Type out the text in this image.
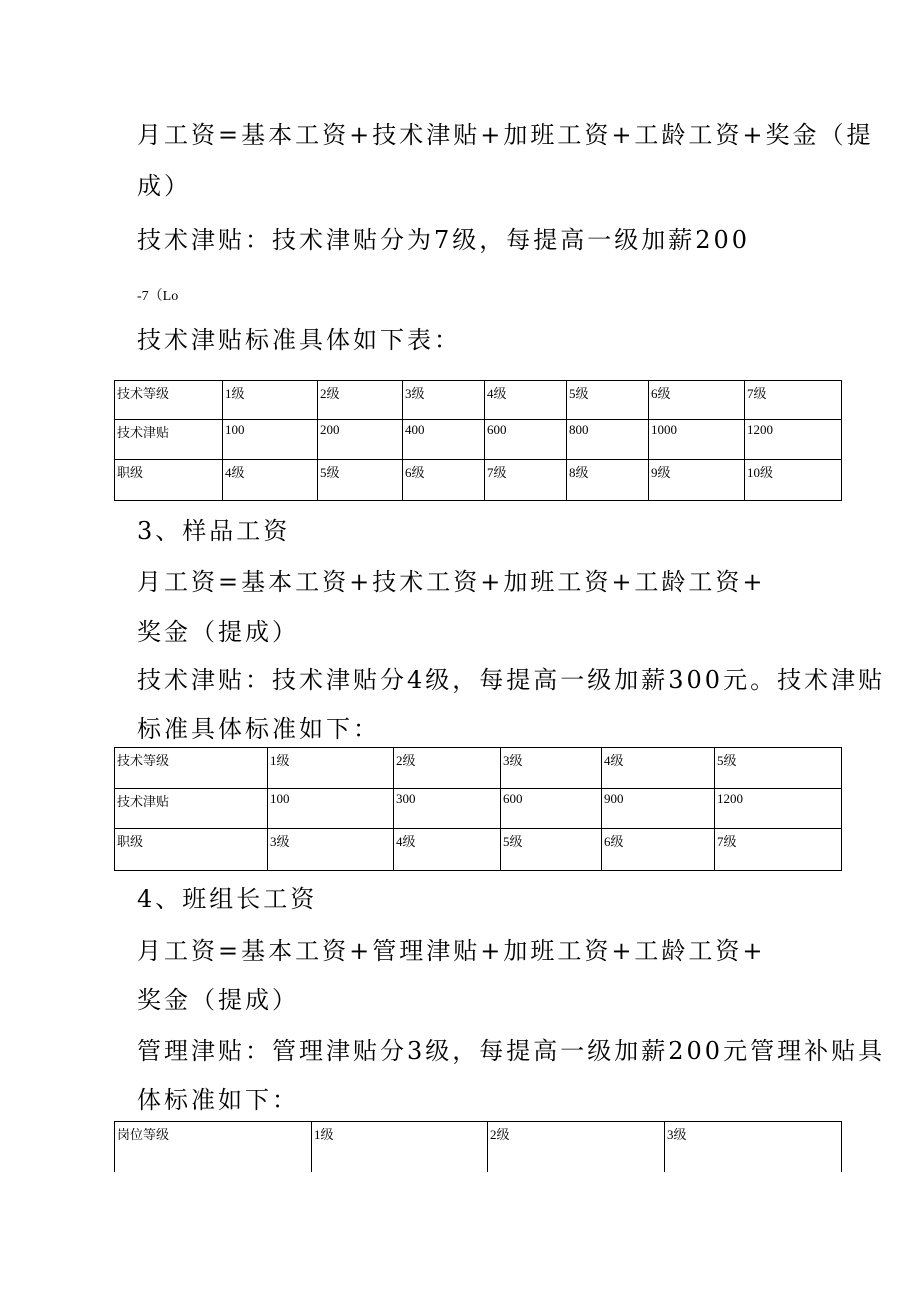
月工资=基本工资+技术津贴+加班工资+工龄工资+奖金（提
成）
技术津贴：技术津贴分为7级，每提高一级加薪200
-7（Lo
技术津贴标准具体如下表：
技术等级	1级	2级	3级	4级	5级	6级	7级
技术津贴	100	200	400	600	800	1000	1200
职级	4级	5级	6级	7级	8级	9级	10级
3、样品工资
月工资=基本工资+技术工资+加班工资+工龄工资+
奖金（提成）
技术津贴：技术津贴分4级，每提高一级加薪300元。技术津贴
标准具体标准如下：
技术等级	1级	2级	3级	4级	5级
技术津贴	100	300	600	900	1200
职级	3级	4级	5级	6级	7级
4、班组长工资
月工资=基本工资+管理津贴+加班工资+工龄工资+
奖金（提成）
管理津贴：管理津贴分3级，每提高一级加薪200元管理补贴具
体标准如下：
岗位等级	1级	2级	3级
